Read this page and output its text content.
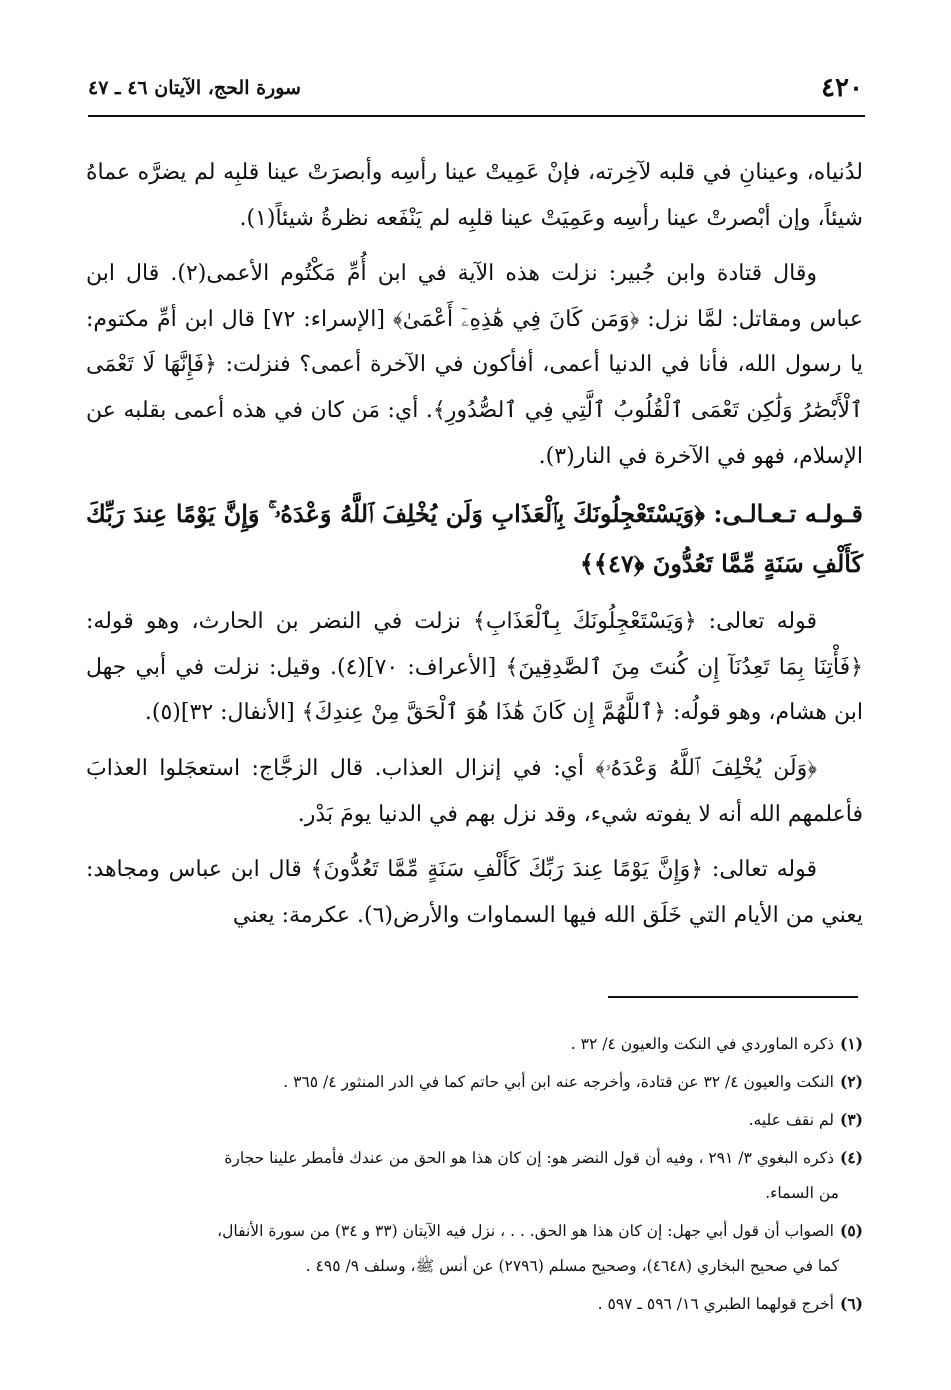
٤٢٠
سورة الحج، الآيتان ٤٦ ـ ٤٧

لدُنياه، وعينانِ في قلبه لآخِرته، فإنْ عَمِيتْ عينا رأسِه وأبصرَتْ عينا قلبِه لم يضرَّه عماهُ شيئاً، وإن أبْصرتْ عينا رأسِه وعَمِيَتْ عينا قلبِه لم يَنْفَعه نظرةُ شيئاً(١).

وقال قتادة وابن جُبير: نزلت هذه الآية في ابن أُمِّ مَكْتُوم الأعمى(٢). قال ابن عباس ومقاتل: لمَّا نزل: ﴿وَمَن كَانَ فِي هَٰذِهِۦٓ أَعْمَىٰ﴾ [الإسراء: ٧٢] قال ابن أمِّ مكتوم: يا رسول الله، فأنا في الدنيا أعمى، أفأكون في الآخرة أعمى؟ فنزلت: ﴿فَإِنَّهَا لَا تَعْمَى ٱلْأَبْصَٰرُ وَلَٰكِن تَعْمَى ٱلْقُلُوبُ ٱلَّتِي فِي ٱلصُّدُورِ﴾. أي: مَن كان في هذه أعمى بقلبه عن الإسلام، فهو في الآخرة في النار(٣).

قـولـه تـعـالـى: ﴿وَيَسْتَعْجِلُونَكَ بِٱلْعَذَابِ وَلَن يُخْلِفَ ٱللَّهُ وَعْدَهُۥ ۚ وَإِنَّ يَوْمًا عِندَ رَبِّكَ كَأَلْفِ سَنَةٍ مِّمَّا تَعُدُّونَ ﴿٤٧﴾﴾

قوله تعالى: ﴿وَيَسْتَعْجِلُونَكَ بِٱلْعَذَابِ﴾ نزلت في النضر بن الحارث، وهو قوله: ﴿فَأْتِنَا بِمَا تَعِدُنَآ إِن كُنتَ مِنَ ٱلصَّٰدِقِينَ﴾ [الأعراف: ٧٠](٤). وقيل: نزلت في أبي جهل ابن هشام، وهو قولُه: ﴿ٱللَّهُمَّ إِن كَانَ هَٰذَا هُوَ ٱلْحَقَّ مِنْ عِندِكَ﴾ [الأنفال: ٣٢](٥).

﴿وَلَن يُخْلِفَ ٱللَّهُ وَعْدَهُۥ﴾ أي: في إنزال العذاب. قال الزجَّاج: استعجَلوا العذابَ فأعلمهم الله أنه لا يفوته شيء، وقد نزل بهم في الدنيا يومَ بَدْر.

قوله تعالى: ﴿وَإِنَّ يَوْمًا عِندَ رَبِّكَ كَأَلْفِ سَنَةٍ مِّمَّا تَعُدُّونَ﴾ قال ابن عباس ومجاهد: يعني من الأيام التي خَلَق الله فيها السماوات والأرض(٦). عكرمة: يعني

(١)ذكره الماوردي في النكت والعيون ٤/ ٣٢ .
(٢)النكت والعيون ٤/ ٣٢ عن قتادة، وأخرجه عنه ابن أبي حاتم كما في الدر المنثور ٤/ ٣٦٥ .
(٣)لم نقف عليه.
(٤)ذكره البغوي ٣/ ٢٩١ ، وفيه أن قول النضر هو: إن كان هذا هو الحق من عندك فأمطر علينا حجارة
من السماء.
(٥)الصواب أن قول أبي جهل: إن كان هذا هو الحق. . . ، نزل فيه الآيتان (٣٣ و ٣٤) من سورة الأنفال،
كما في صحيح البخاري (٤٦٤٨)، وصحيح مسلم (٢٧٩٦) عن أنس ﷺ، وسلف ٩/ ٤٩٥ .
(٦)أخرج قولهما الطبري ١٦/ ٥٩٦ ـ ٥٩٧ .
